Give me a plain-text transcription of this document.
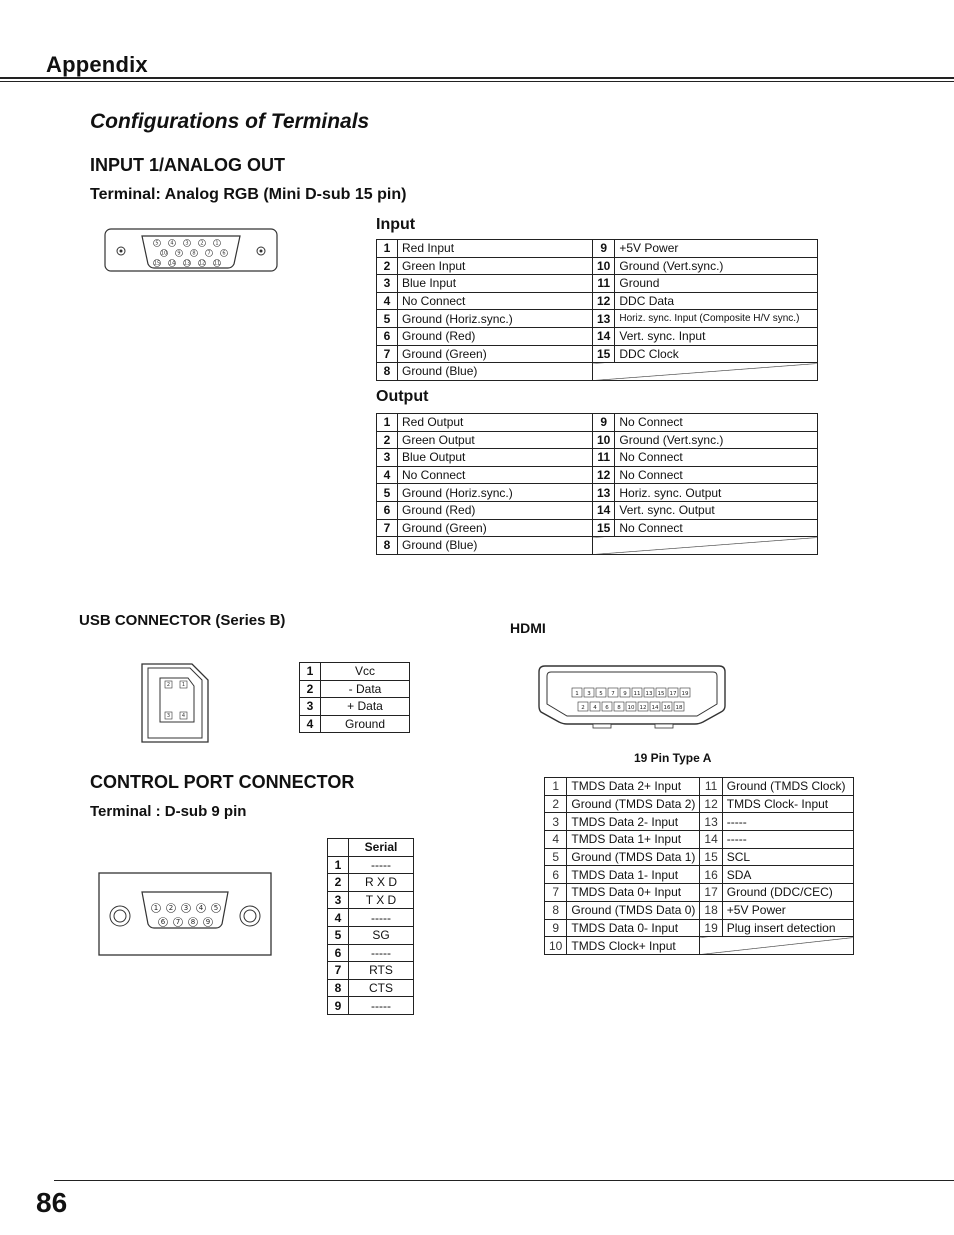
Appendix
Configurations of Terminals
INPUT 1/ANALOG OUT
Terminal: Analog RGB (Mini D-sub 15 pin)
5 4 3 2 1
10 9 8 7 6
15 14 13 12 11
Input
1	Red Input	9	+5V Power
2	Green Input	10	Ground (Vert.sync.)
3	Blue Input	11	Ground
4	No Connect	12	DDC Data
5	Ground (Horiz.sync.)	13	Horiz. sync. Input (Composite H/V sync.)
6	Ground (Red)	14	Vert. sync. Input
7	Ground (Green)	15	DDC Clock
8	Ground (Blue)		
Output
1	Red Output	9	No Connect
2	Green Output	10	Ground (Vert.sync.)
3	Blue Output	11	No Connect
4	No Connect	12	No Connect
5	Ground (Horiz.sync.)	13	Horiz. sync. Output
6	Ground (Red)	14	Vert. sync. Output
7	Ground (Green)	15	No Connect
8	Ground (Blue)		
USB CONNECTOR (Series B)
2 1
3 4
1	Vcc
2	- Data
3	+ Data
4	Ground
HDMI
1 3 5 7 9 11 13 15 17 19
2 4 6 8 10 12 14 16 18
19 Pin Type A
1	TMDS Data 2+ Input	11	Ground (TMDS Clock)
2	Ground (TMDS Data 2)	12	TMDS Clock- Input
3	TMDS Data 2- Input	13	-----
4	TMDS Data 1+ Input	14	-----
5	Ground (TMDS Data 1)	15	SCL
6	TMDS Data 1- Input	16	SDA
7	TMDS Data 0+ Input	17	Ground (DDC/CEC)
8	Ground (TMDS Data 0)	18	+5V Power
9	TMDS Data 0- Input	19	Plug insert detection
10	TMDS Clock+ Input		
CONTROL PORT CONNECTOR
Terminal : D-sub 9 pin
1 2 3 4 5
6 7 8 9
	Serial
1	-----
2	R X D
3	T X D
4	-----
5	SG
6	-----
7	RTS
8	CTS
9	-----
86
